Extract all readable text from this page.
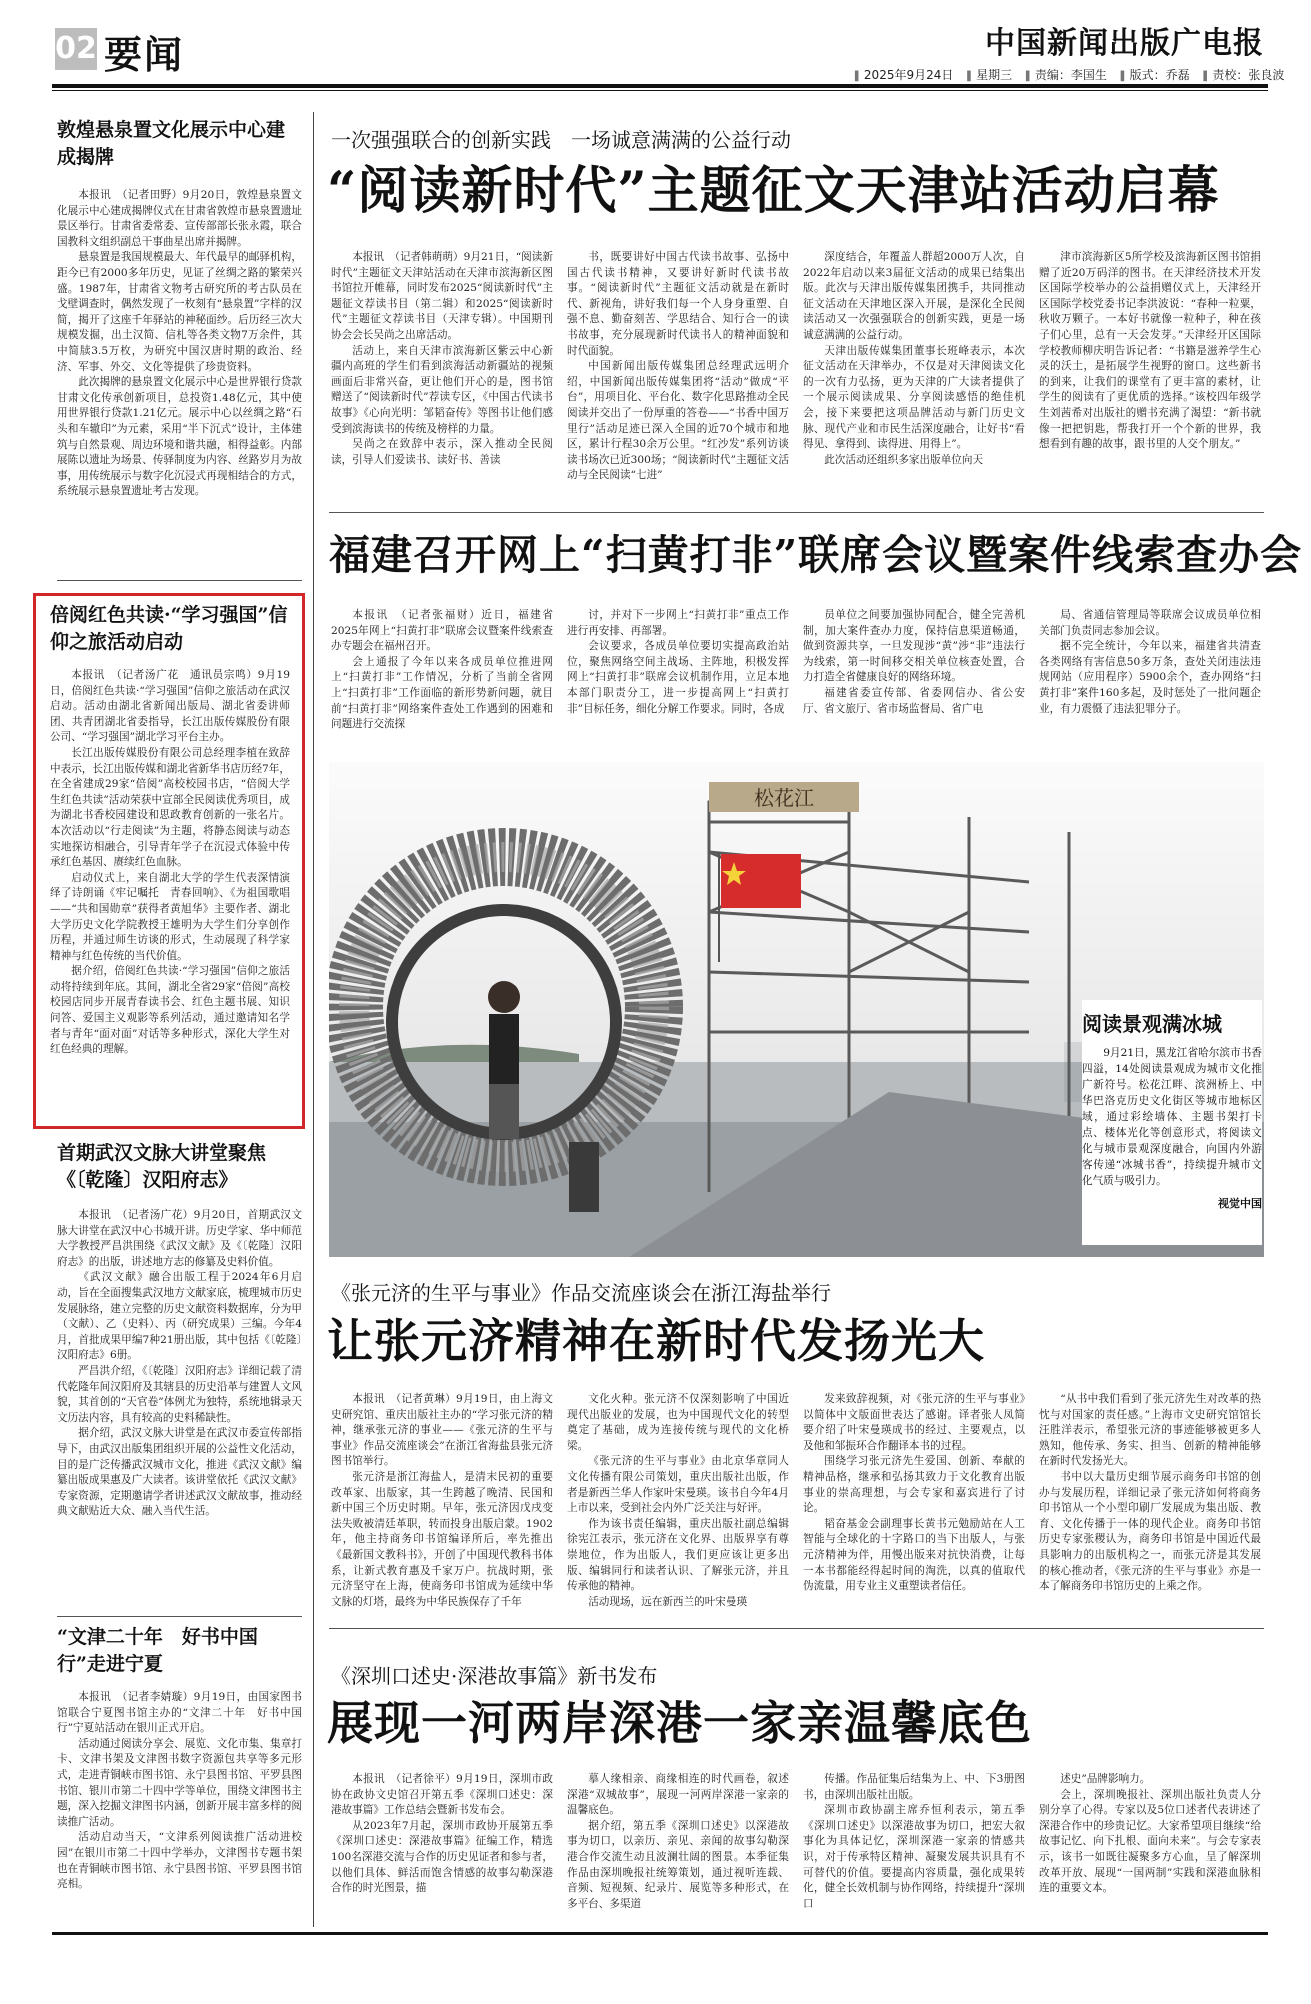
02 要闻	中国新闻出版广电报
▌ 2025年9月24日 ▌ 星期三 ▌ 责编：李国生 ▌ 版式：乔磊 ▌ 责校：张良波
敦煌悬泉置文化展示中心建成揭牌

本报讯　（记者田野）9月20日，敦煌悬泉置文化展示中心建成揭牌仪式在甘肃省敦煌市悬泉置遗址景区举行。甘肃省委常委、宣传部部长张永霞，联合国教科文组织副总干事曲星出席并揭牌。

悬泉置是我国规模最大、年代最早的邮驿机构，距今已有2000多年历史，见证了丝绸之路的繁荣兴盛。1987年，甘肃省文物考古研究所的考古队员在戈壁调查时，偶然发现了一枚刻有“悬泉置”字样的汉简，揭开了这座千年驿站的神秘面纱。后历经三次大规模发掘，出土汉简、信札等各类文物7万余件，其中简牍3.5万枚，为研究中国汉唐时期的政治、经济、军事、外交、文化等提供了珍贵资料。

此次揭牌的悬泉置文化展示中心是世界银行贷款甘肃文化传承创新项目，总投资1.48亿元，其中使用世界银行贷款1.21亿元。展示中心以丝绸之路“石头和车辙印”为元素，采用“半下沉式”设计，主体建筑与自然景观、周边环境和谐共融，相得益彰。内部展陈以遗址为场景、传驿制度为内容、丝路岁月为故事，用传统展示与数字化沉浸式再现相结合的方式，系统展示悬泉置遗址考古发现。

倍阅红色共读·“学习强国”信仰之旅活动启动

本报讯　（记者汤广花　通讯员宗鸣）9月19日，倍阅红色共读·“学习强国”信仰之旅活动在武汉启动。活动由湖北省新闻出版局、湖北省委讲师团、共青团湖北省委指导，长江出版传媒股份有限公司、“学习强国”湖北学习平台主办。

长江出版传媒股份有限公司总经理李植在致辞中表示，长江出版传媒和湖北省新华书店历经7年，在全省建成29家“倍阅”高校校园书店，“倍阅大学生红色共读”活动荣获中宣部全民阅读优秀项目，成为湖北书香校园建设和思政教育创新的一张名片。本次活动以“行走阅读”为主题，将静态阅读与动态实地探访相融合，引导青年学子在沉浸式体验中传承红色基因、赓续红色血脉。

启动仪式上，来自湖北大学的学生代表深情演绎了诗朗诵《牢记嘱托　青春回响》、《为祖国歌唱——“共和国勋章”获得者黄旭华》主要作者、湖北大学历史文化学院教授王雄明为大学生们分享创作历程，并通过师生访谈的形式，生动展现了科学家精神与红色传统的当代价值。

据介绍，倍阅红色共读·“学习强国”信仰之旅活动将持续到年底。其间，湖北全省29家“倍阅”高校校园店同步开展青春读书会、红色主题书展、知识问答、爱国主义观影等系列活动，通过邀请知名学者与青年“面对面”对话等多种形式，深化大学生对红色经典的理解。

首期武汉文脉大讲堂聚焦《〔乾隆〕汉阳府志》

本报讯　（记者汤广花）9月20日，首期武汉文脉大讲堂在武汉中心书城开讲。历史学家、华中师范大学教授严昌洪围绕《武汉文献》及《〔乾隆〕汉阳府志》的出版，讲述地方志的修纂及史料价值。

《武汉文献》融合出版工程于2024年6月启动，旨在全面搜集武汉地方文献家底，梳理城市历史发展脉络，建立完整的历史文献资料数据库，分为甲（文献）、乙（史料）、丙（研究成果）三编。今年4月，首批成果甲编7种21册出版，其中包括《〔乾隆〕汉阳府志》6册。

严昌洪介绍，《〔乾隆〕汉阳府志》详细记载了清代乾隆年间汉阳府及其辖县的历史沿革与建置人文风貌，其首创的“天官卷”体例尤为独特，系统地辑录天文历法内容，具有较高的史料稀缺性。

据介绍，武汉文脉大讲堂是在武汉市委宣传部指导下，由武汉出版集团组织开展的公益性文化活动，目的是广泛传播武汉城市文化，推进《武汉文献》编纂出版成果惠及广大读者。该讲堂依托《武汉文献》专家资源，定期邀请学者讲述武汉文献故事，推动经典文献贴近大众、融入当代生活。

“文津二十年　好书中国行”走进宁夏

本报讯　（记者李婧璇）9月19日，由国家图书馆联合宁夏图书馆主办的“文津二十年　好书中国行”宁夏站活动在银川正式开启。

活动通过阅读分享会、展览、文化市集、集章打卡、文津书架及文津图书数字资源包共享等多元形式，走进青铜峡市图书馆、永宁县图书馆、平罗县图书馆、银川市第二十四中学等单位，围绕文津图书主题，深入挖掘文津图书内涵，创新开展丰富多样的阅读推广活动。

活动启动当天，“文津系列阅读推广活动进校园”在银川市第二十四中学举办，文津图书专题书架也在青铜峡市图书馆、永宁县图书馆、平罗县图书馆亮相。

一次强强联合的创新实践　一场诚意满满的公益行动
“阅读新时代”主题征文天津站活动启幕

本报讯　（记者韩萌萌）9月21日，“阅读新时代”主题征文天津站活动在天津市滨海新区图书馆拉开帷幕，同时发布2025“阅读新时代”主题征文荐读书目（第二辑）和2025“阅读新时代”主题征文荐读书目（天津专辑）。中国期刊协会会长吴尚之出席活动。

活动上，来自天津市滨海新区紫云中心新疆内高班的学生们看到滨海活动新疆站的视频画面后非常兴奋，更让他们开心的是，图书馆赠送了“阅读新时代”荐读专区，《中国古代读书故事》《心向光明：邹韬奋传》等图书让他们感受到滨海读书的传统及榜样的力量。

吴尚之在致辞中表示，深入推动全民阅读，引导人们爱读书、读好书、善读

书，既要讲好中国古代读书故事、弘扬中国古代读书精神，又要讲好新时代读书故事。“阅读新时代”主题征文活动就是在新时代、新视角，讲好我们每一个人身身重塑、自强不息、勤奋刻苦、学思结合、知行合一的读书故事，充分展现新时代读书人的精神面貌和时代面貌。

中国新闻出版传媒集团总经理武远明介绍，中国新闻出版传媒集团将“活动”做成“平台”，用项目化、平台化、数字化思路推动全民阅读并交出了一份厚重的答卷——“书香中国万里行”活动足迹已深入全国的近70个城市和地区，累计行程30余万公里。“红沙发”系列访谈读书场次已近300场；“阅读新时代”主题征文活动与全民阅读“七进”

深度结合，年覆盖人群超2000万人次，自2022年启动以来3届征文活动的成果已结集出版。此次与天津出版传媒集团携手，共同推动征文活动在天津地区深入开展，是深化全民阅读活动又一次强强联合的创新实践，更是一场诚意满满的公益行动。

天津出版传媒集团董事长班峰表示，本次征文活动在天津举办，不仅是对天津阅读文化的一次有力弘扬，更为天津的广大读者提供了一个展示阅读成果、分享阅读感悟的绝佳机会，接下来要把这项品牌活动与新门历史文脉、现代产业和市民生活深度融合，让好书“看得见、拿得到、读得进、用得上”。

此次活动还组织多家出版单位向天

津市滨海新区5所学校及滨海新区图书馆捐赠了近20万码洋的图书。在天津经济技术开发区国际学校举办的公益捐赠仪式上，天津经开区国际学校党委书记李洪波说：“春种一粒粟，秋收万颗子。一本好书就像一粒种子，种在孩子们心里，总有一天会发芽。”天津经开区国际学校教师柳庆明告诉记者：“书籍是滋养学生心灵的沃土，是拓展学生视野的窗口。这些新书的到来，让我们的课堂有了更丰富的素材，让学生的阅读有了更优质的选择。”该校四年级学生刘茜希对出版社的赠书充满了渴望：“新书就像一把把钥匙，帮我打开一个个新的世界，我想看到有趣的故事，跟书里的人交个朋友。”

福建召开网上“扫黄打非”联席会议暨案件线索查办会

本报讯　（记者张福财）近日，福建省2025年网上“扫黄打非”联席会议暨案件线索查办专题会在福州召开。

会上通报了今年以来各成员单位推进网上“扫黄打非”工作情况，分析了当前全省网上“扫黄打非”工作面临的新形势新问题，就目前“扫黄打非”网络案件查处工作遇到的困难和问题进行交流探

讨，并对下一步网上“扫黄打非”重点工作进行再安排、再部署。

会议要求，各成员单位要切实提高政治站位，聚焦网络空间主战场、主阵地，积极发挥网上“扫黄打非”联席会议机制作用，立足本地本部门职责分工，进一步提高网上“扫黄打非”目标任务，细化分解工作要求。同时，各成

员单位之间要加强协同配合，健全完善机制，加大案件查办力度，保持信息渠道畅通，做到资源共享，一旦发现涉“黄”涉“非”违法行为线索，第一时间移交相关单位核查处置，合力打造全省健康良好的网络环境。

福建省委宣传部、省委网信办、省公安厅、省文旅厅、省市场监督局、省广电

局、省通信管理局等联席会议成员单位相关部门负责同志参加会议。

据不完全统计，今年以来，福建省共清查各类网络有害信息50多万条，查处关闭违法违规网站（应用程序）5900余个，查办网络“扫黄打非”案件160多起，及时惩处了一批问题企业，有力震慑了违法犯罪分子。

松花江
阅读景观满冰城
9月21日，黑龙江省哈尔滨市书香四溢，14处阅读景观成为城市文化推广新符号。松花江畔、滨洲桥上、中华巴洛克历史文化街区等城市地标区域，通过彩绘墙体、主题书架打卡点、楼体光化等创意形式，将阅读文化与城市景观深度融合，向国内外游客传递“冰城书香”，持续提升城市文化气质与吸引力。
视觉中国
《张元济的生平与事业》作品交流座谈会在浙江海盐举行
让张元济精神在新时代发扬光大

本报讯　（记者黄琳）9月19日，由上海文史研究馆、重庆出版社主办的“学习张元济的精神，继承张元济的事业——《张元济的生平与事业》作品交流座谈会”在浙江省海盐县张元济图书馆举行。

张元济是浙江海盐人，是清末民初的重要改革家、出版家，其一生跨越了晚清、民国和新中国三个历史时期。早年，张元济因戊戌变法失败被清廷革职，转而投身出版启蒙。1902年，他主持商务印书馆编译所后，率先推出《最新国文教科书》，开创了中国现代教科书体系，让新式教育惠及千家万户。抗战时期，张元济坚守在上海，使商务印书馆成为延续中华文脉的灯塔，最终为中华民族保存了千年

文化火种。张元济不仅深刻影响了中国近现代出版业的发展，也为中国现代文化的转型奠定了基础，成为连接传统与现代的文化桥梁。

《张元济的生平与事业》由北京华章同人文化传播有限公司策划，重庆出版社出版，作者是新西兰华人作家叶宋曼瑛。该书自今年4月上市以来，受到社会内外广泛关注与好评。

作为该书责任编辑，重庆出版社副总编辑徐宪江表示，张元济在文化界、出版界享有尊崇地位，作为出版人，我们更应该让更多出版、编辑同行和读者认识、了解张元济，并且传承他的精神。

活动现场，远在新西兰的叶宋曼瑛

发来致辞视频，对《张元济的生平与事业》以简体中文版面世表达了感谢。译者张人凤简要介绍了叶宋曼瑛成书的经过、主要观点，以及他和邹振环合作翻译本书的过程。

围绕学习张元济先生爱国、创新、奉献的精神品格，继承和弘扬其致力于文化教育出版事业的崇高理想，与会专家和嘉宾进行了讨论。

韬奋基金会副理事长黄书元勉励站在人工智能与全球化的十字路口的当下出版人，与张元济精神为伴，用慢出版来对抗快消费，让每一本书都能经得起时间的淘洗，以真的值取代伪流量，用专业主义重塑读者信任。

“从书中我们看到了张元济先生对改革的热忱与对国家的责任感。”上海市文史研究馆馆长汪胜洋表示，希望张元济的事迹能够被更多人熟知，他传承、务实、担当、创新的精神能够在新时代发扬光大。

书中以大量历史细节展示商务印书馆的创办与发展历程，详细记录了张元济如何将商务印书馆从一个小型印刷厂发展成为集出版、教育、文化传播于一体的现代企业。商务印书馆历史专家张稷认为，商务印书馆是中国近代最具影响力的出版机构之一，而张元济是其发展的核心推动者，《张元济的生平与事业》亦是一本了解商务印书馆历史的上乘之作。

《深圳口述史·深港故事篇》新书发布
展现一河两岸深港一家亲温馨底色

本报讯　（记者徐平）9月19日，深圳市政协在政协文史馆召开第五季《深圳口述史：深港故事篇》工作总结会暨新书发布会。

从2023年7月起，深圳市政协开展第五季《深圳口述史：深港故事篇》征编工作，精选100名深港交流与合作的历史见证者和参与者，以他们具体、鲜活而饱含情感的故事勾勒深港合作的时光图景，描

摹人缘相亲、商缘相连的时代画卷，叙述深港“双城故事”，展现一河两岸深港一家亲的温馨底色。

据介绍，第五季《深圳口述史》以深港故事为切口，以亲历、亲见、亲闻的故事勾勒深港合作交流生动且波澜壮阔的图景。本季征集作品由深圳晚报社统筹策划，通过视听连载、音频、短视频、纪录片、展览等多种形式，在多平台、多渠道

传播。作品征集后结集为上、中、下3册图书，由深圳出版社出版。

深圳市政协副主席乔恒利表示，第五季《深圳口述史》以深港故事为切口，把宏大叙事化为具体记忆，深圳深港一家亲的情感共识，对于传承特区精神、凝聚发展共识具有不可替代的价值。要提高内容质量，强化成果转化，健全长效机制与协作网络，持续提升“深圳口

述史”品牌影响力。

会上，深圳晚报社、深圳出版社负责人分别分享了心得。专家以及5位口述者代表讲述了深港合作中的珍贵记忆。大家希望项目继续“给故事记忆、向下扎根、面向未来”。与会专家表示，该书一如既往凝聚多方心血，呈了解深圳改革开放、展现“一国两制”实践和深港血脉相连的重要文本。
